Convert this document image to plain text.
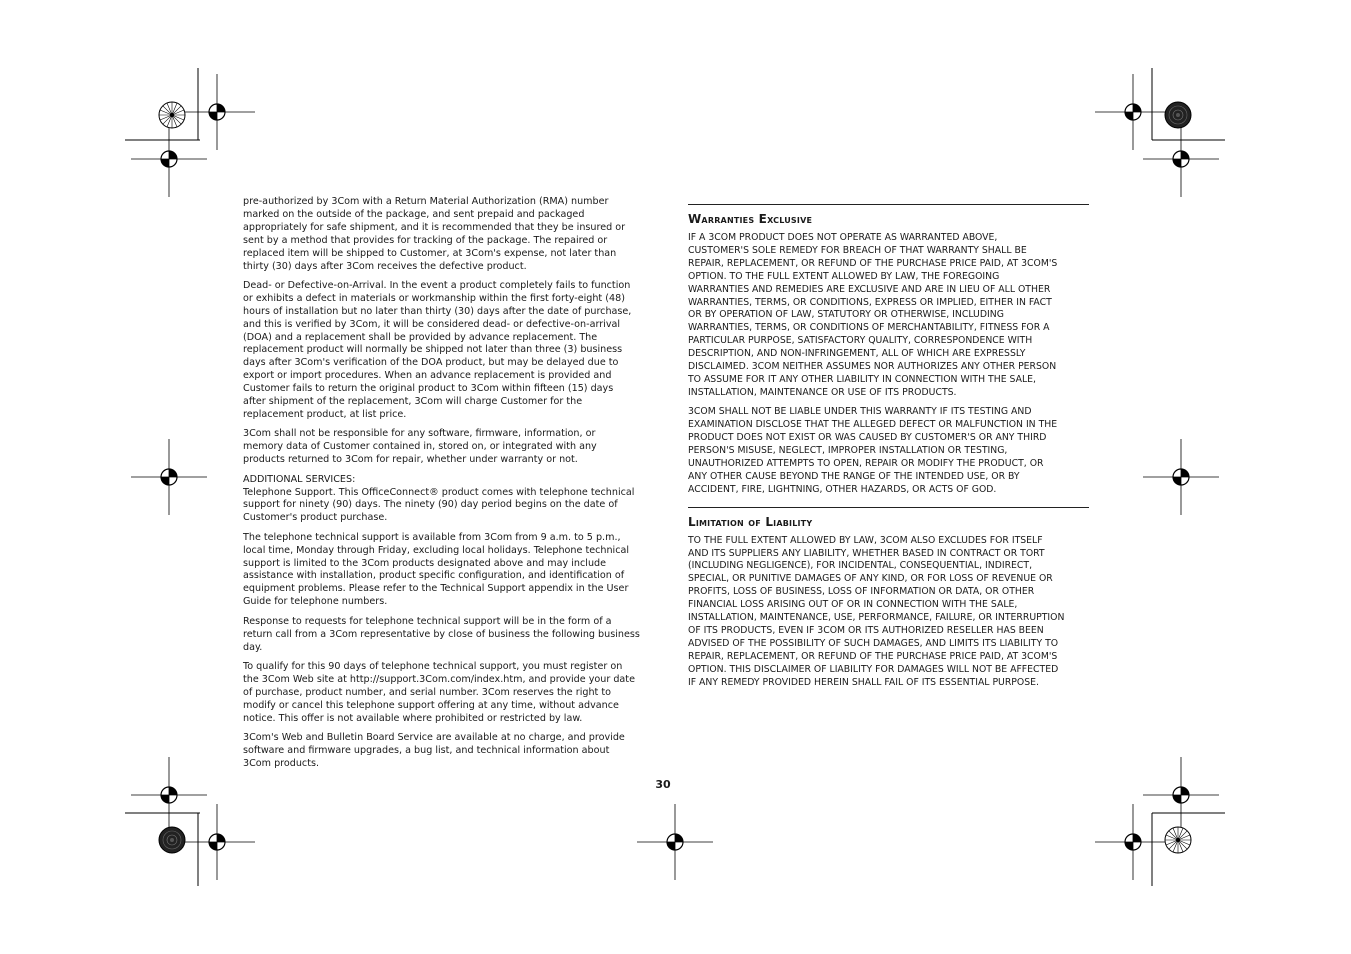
pre-authorized by 3Com with a Return Material Authorization (RMA) number
marked on the outside of the package, and sent prepaid and packaged
appropriately for safe shipment, and it is recommended that they be insured or
sent by a method that provides for tracking of the package. The repaired or
replaced item will be shipped to Customer, at 3Com's expense, not later than
thirty (30) days after 3Com receives the defective product.

Dead- or Defective-on-Arrival. In the event a product completely fails to function
or exhibits a defect in materials or workmanship within the first forty-eight (48)
hours of installation but no later than thirty (30) days after the date of purchase,
and this is verified by 3Com, it will be considered dead- or defective-on-arrival
(DOA) and a replacement shall be provided by advance replacement. The
replacement product will normally be shipped not later than three (3) business
days after 3Com's verification of the DOA product, but may be delayed due to
export or import procedures. When an advance replacement is provided and
Customer fails to return the original product to 3Com within fifteen (15) days
after shipment of the replacement, 3Com will charge Customer for the
replacement product, at list price.

3Com shall not be responsible for any software, firmware, information, or
memory data of Customer contained in, stored on, or integrated with any
products returned to 3Com for repair, whether under warranty or not.

ADDITIONAL SERVICES:
Telephone Support. This OfficeConnect® product comes with telephone technical
support for ninety (90) days. The ninety (90) day period begins on the date of
Customer's product purchase.

The telephone technical support is available from 3Com from 9 a.m. to 5 p.m.,
local time, Monday through Friday, excluding local holidays. Telephone technical
support is limited to the 3Com products designated above and may include
assistance with installation, product specific configuration, and identification of
equipment problems. Please refer to the Technical Support appendix in the User
Guide for telephone numbers.

Response to requests for telephone technical support will be in the form of a
return call from a 3Com representative by close of business the following business
day.

To qualify for this 90 days of telephone technical support, you must register on
the 3Com Web site at http://support.3Com.com/index.htm, and provide your date
of purchase, product number, and serial number. 3Com reserves the right to
modify or cancel this telephone support offering at any time, without advance
notice. This offer is not available where prohibited or restricted by law.

3Com's Web and Bulletin Board Service are available at no charge, and provide
software and firmware upgrades, a bug list, and technical information about
3Com products.

Warranties Exclusive

IF A 3COM PRODUCT DOES NOT OPERATE AS WARRANTED ABOVE,
CUSTOMER'S SOLE REMEDY FOR BREACH OF THAT WARRANTY SHALL BE
REPAIR, REPLACEMENT, OR REFUND OF THE PURCHASE PRICE PAID, AT 3COM'S
OPTION. TO THE FULL EXTENT ALLOWED BY LAW, THE FOREGOING
WARRANTIES AND REMEDIES ARE EXCLUSIVE AND ARE IN LIEU OF ALL OTHER
WARRANTIES, TERMS, OR CONDITIONS, EXPRESS OR IMPLIED, EITHER IN FACT
OR BY OPERATION OF LAW, STATUTORY OR OTHERWISE, INCLUDING
WARRANTIES, TERMS, OR CONDITIONS OF MERCHANTABILITY, FITNESS FOR A
PARTICULAR PURPOSE, SATISFACTORY QUALITY, CORRESPONDENCE WITH
DESCRIPTION, AND NON-INFRINGEMENT, ALL OF WHICH ARE EXPRESSLY
DISCLAIMED. 3COM NEITHER ASSUMES NOR AUTHORIZES ANY OTHER PERSON
TO ASSUME FOR IT ANY OTHER LIABILITY IN CONNECTION WITH THE SALE,
INSTALLATION, MAINTENANCE OR USE OF ITS PRODUCTS.

3COM SHALL NOT BE LIABLE UNDER THIS WARRANTY IF ITS TESTING AND
EXAMINATION DISCLOSE THAT THE ALLEGED DEFECT OR MALFUNCTION IN THE
PRODUCT DOES NOT EXIST OR WAS CAUSED BY CUSTOMER'S OR ANY THIRD
PERSON'S MISUSE, NEGLECT, IMPROPER INSTALLATION OR TESTING,
UNAUTHORIZED ATTEMPTS TO OPEN, REPAIR OR MODIFY THE PRODUCT, OR
ANY OTHER CAUSE BEYOND THE RANGE OF THE INTENDED USE, OR BY
ACCIDENT, FIRE, LIGHTNING, OTHER HAZARDS, OR ACTS OF GOD.

Limitation of Liability

TO THE FULL EXTENT ALLOWED BY LAW, 3COM ALSO EXCLUDES FOR ITSELF
AND ITS SUPPLIERS ANY LIABILITY, WHETHER BASED IN CONTRACT OR TORT
(INCLUDING NEGLIGENCE), FOR INCIDENTAL, CONSEQUENTIAL, INDIRECT,
SPECIAL, OR PUNITIVE DAMAGES OF ANY KIND, OR FOR LOSS OF REVENUE OR
PROFITS, LOSS OF BUSINESS, LOSS OF INFORMATION OR DATA, OR OTHER
FINANCIAL LOSS ARISING OUT OF OR IN CONNECTION WITH THE SALE,
INSTALLATION, MAINTENANCE, USE, PERFORMANCE, FAILURE, OR INTERRUPTION
OF ITS PRODUCTS, EVEN IF 3COM OR ITS AUTHORIZED RESELLER HAS BEEN
ADVISED OF THE POSSIBILITY OF SUCH DAMAGES, AND LIMITS ITS LIABILITY TO
REPAIR, REPLACEMENT, OR REFUND OF THE PURCHASE PRICE PAID, AT 3COM'S
OPTION. THIS DISCLAIMER OF LIABILITY FOR DAMAGES WILL NOT BE AFFECTED
IF ANY REMEDY PROVIDED HEREIN SHALL FAIL OF ITS ESSENTIAL PURPOSE.

30
